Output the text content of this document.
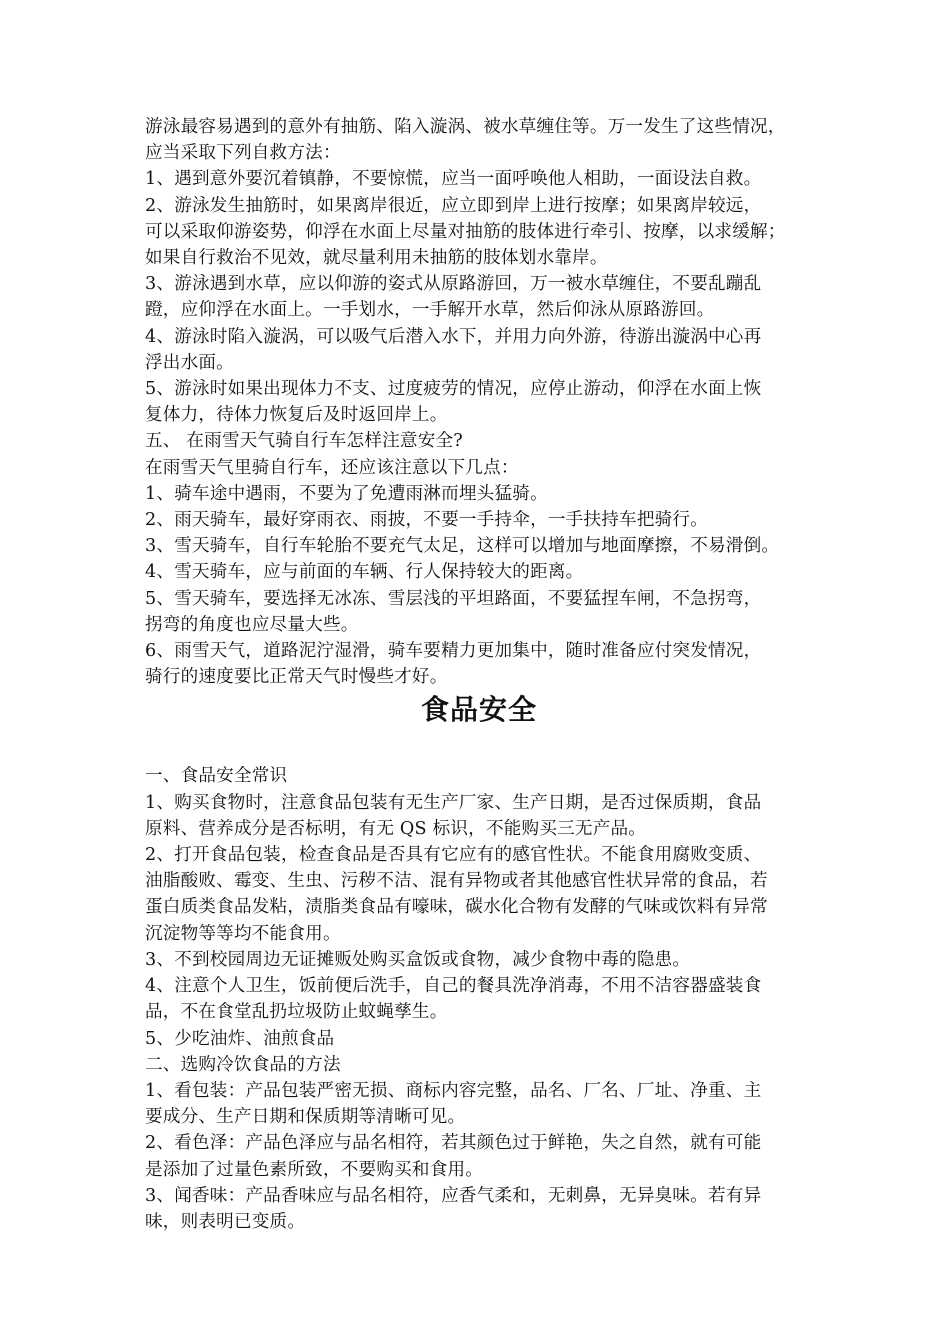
游泳最容易遇到的意外有抽筋、陷入漩涡、被水草缠住等。万一发生了这些情况，
应当采取下列自救方法：
1、遇到意外要沉着镇静，不要惊慌，应当一面呼唤他人相助，一面设法自救。
2、游泳发生抽筋时，如果离岸很近，应立即到岸上进行按摩；如果离岸较远，
可以采取仰游姿势，仰浮在水面上尽量对抽筋的肢体进行牵引、按摩，以求缓解；
如果自行救治不见效，就尽量利用未抽筋的肢体划水靠岸。
3、游泳遇到水草，应以仰游的姿式从原路游回，万一被水草缠住，不要乱蹦乱
蹬，应仰浮在水面上。一手划水，一手解开水草，然后仰泳从原路游回。
4、游泳时陷入漩涡，可以吸气后潜入水下，并用力向外游，待游出漩涡中心再
浮出水面。
5、游泳时如果出现体力不支、过度疲劳的情况，应停止游动，仰浮在水面上恢
复体力，待体力恢复后及时返回岸上。
五、 在雨雪天气骑自行车怎样注意安全?
在雨雪天气里骑自行车，还应该注意以下几点：
1、骑车途中遇雨，不要为了免遭雨淋而埋头猛骑。
2、雨天骑车，最好穿雨衣、雨披，不要一手持伞，一手扶持车把骑行。
3、雪天骑车，自行车轮胎不要充气太足，这样可以增加与地面摩擦，不易滑倒。
4、雪天骑车，应与前面的车辆、行人保持较大的距离。
5、雪天骑车，要选择无冰冻、雪层浅的平坦路面，不要猛捏车闸，不急拐弯，
拐弯的角度也应尽量大些。
6、雨雪天气，道路泥泞湿滑，骑车要精力更加集中，随时准备应付突发情况，
骑行的速度要比正常天气时慢些才好。
食品安全
一、食品安全常识
1、购买食物时，注意食品包装有无生产厂家、生产日期，是否过保质期，食品
原料、营养成分是否标明，有无 QS 标识，不能购买三无产品。
2、打开食品包装，检查食品是否具有它应有的感官性状。不能食用腐败变质、
油脂酸败、霉变、生虫、污秽不洁、混有异物或者其他感官性状异常的食品，若
蛋白质类食品发粘，渍脂类食品有嚎味，碳水化合物有发酵的气味或饮料有异常
沉淀物等等均不能食用。
3、不到校园周边无证摊贩处购买盒饭或食物，减少食物中毒的隐患。
4、注意个人卫生，饭前便后洗手，自己的餐具洗净消毒，不用不洁容器盛装食
品，不在食堂乱扔垃圾防止蚊蝇孳生。
5、少吃油炸、油煎食品
二、选购冷饮食品的方法
1、看包装：产品包装严密无损、商标内容完整，品名、厂名、厂址、净重、主
要成分、生产日期和保质期等清晰可见。
2、看色泽：产品色泽应与品名相符，若其颜色过于鲜艳，失之自然，就有可能
是添加了过量色素所致，不要购买和食用。
3、闻香味：产品香味应与品名相符，应香气柔和，无刺鼻，无异臭味。若有异
味，则表明已变质。
